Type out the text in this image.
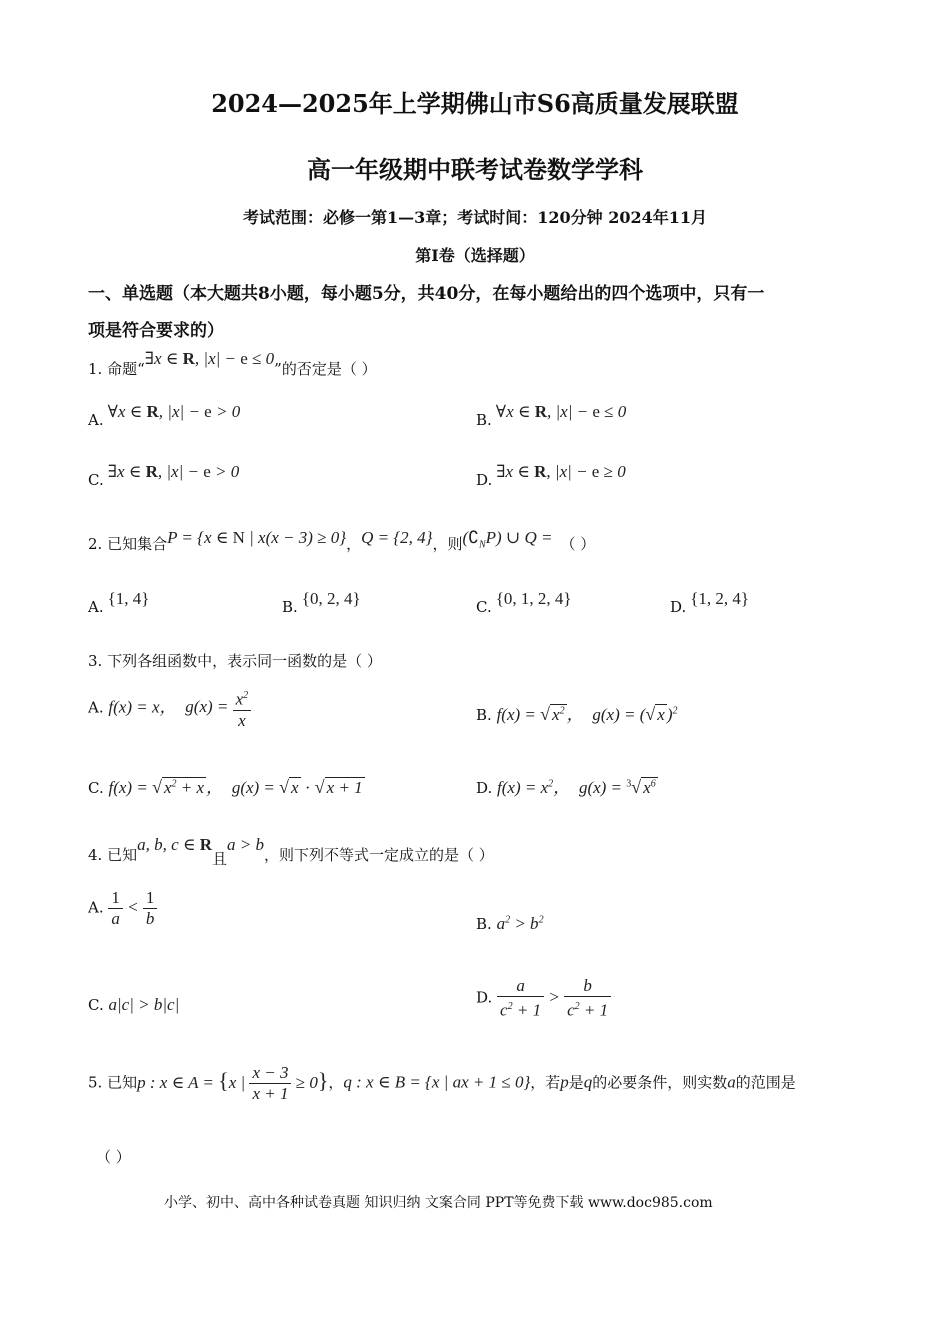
2024—2025年上学期佛山市S6高质量发展联盟
高一年级期中联考试卷数学学科
考试范围：必修一第1—3章；考试时间：120分钟 2024年11月
第I卷（选择题）
一、单选题（本大题共8小题，每小题5分，共40分，在每小题给出的四个选项中，只有一
项是符合要求的）
1. 命题“∃x ∈ R, |x| − e ≤ 0”的否定是（ ）
A. ∀x ∈ R, |x| − e > 0	B. ∀x ∈ R, |x| − e ≤ 0
C. ∃x ∈ R, |x| − e > 0	D. ∃x ∈ R, |x| − e ≥ 0
2. 已知集合P = {x ∈ N | x(x − 3) ≥ 0}，Q = {2, 4}，则$(∁_NP)$ ∪ Q = （ ）
A. {1, 4}	B. {0, 2, 4}	C. {0, 1, 2, 4}	D. {1, 2, 4}
3. 下列各组函数中，表示同一函数的是（ ）
A. f(x) = x， $g(x) = \frac{x^2}{x}$	B. f(x) = √ $x^2$ ， g(x) = (√ x )$^2$
C. f(x) = √ $x^2 + x$ ， g(x) = √ x · √ x + 1	D. $f(x) = x^2$， g(x) = $^3$√ $x^6$
4. 已知a, b, c ∈ R且a > b，则下列不等式一定成立的是（ ）
A. $\frac{1}{a} < \frac{1}{b}$	B. $a^2 > b^2$
C. a|c| > b|c|	D. $\frac{a}{c^2 + 1} > \frac{b}{c^2 + 1}$
5. 已知p : x ∈ A = {x | $\frac{x - 3}{x + 1} \ge 0$}，q : x ∈ B = {x | ax + 1 ≤ 0}，若p是q的必要条件，则实数a的范围是
（ ）
小学、初中、高中各种试卷真题 知识归纳 文案合同 PPT等免费下载 www.doc985.com
